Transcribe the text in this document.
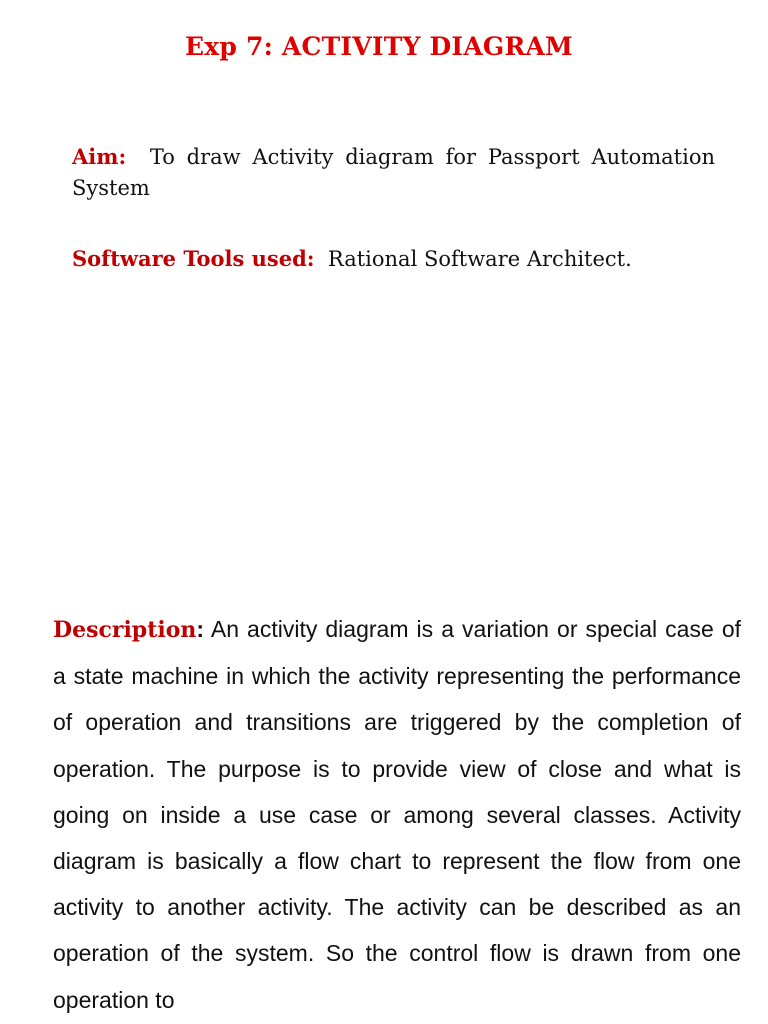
Exp 7: ACTIVITY DIAGRAM
Aim: To draw Activity diagram for Passport Automation System
Software Tools used: Rational Software Architect.
Description: An activity diagram is a variation or special case of a state machine in which the activity representing the performance of operation and transitions are triggered by the completion of operation. The purpose is to provide view of close and what is going on inside a use case or among several classes. Activity diagram is basically a flow chart to represent the flow from one activity to another activity. The activity can be described as an operation of the system. So the control flow is drawn from one operation to
